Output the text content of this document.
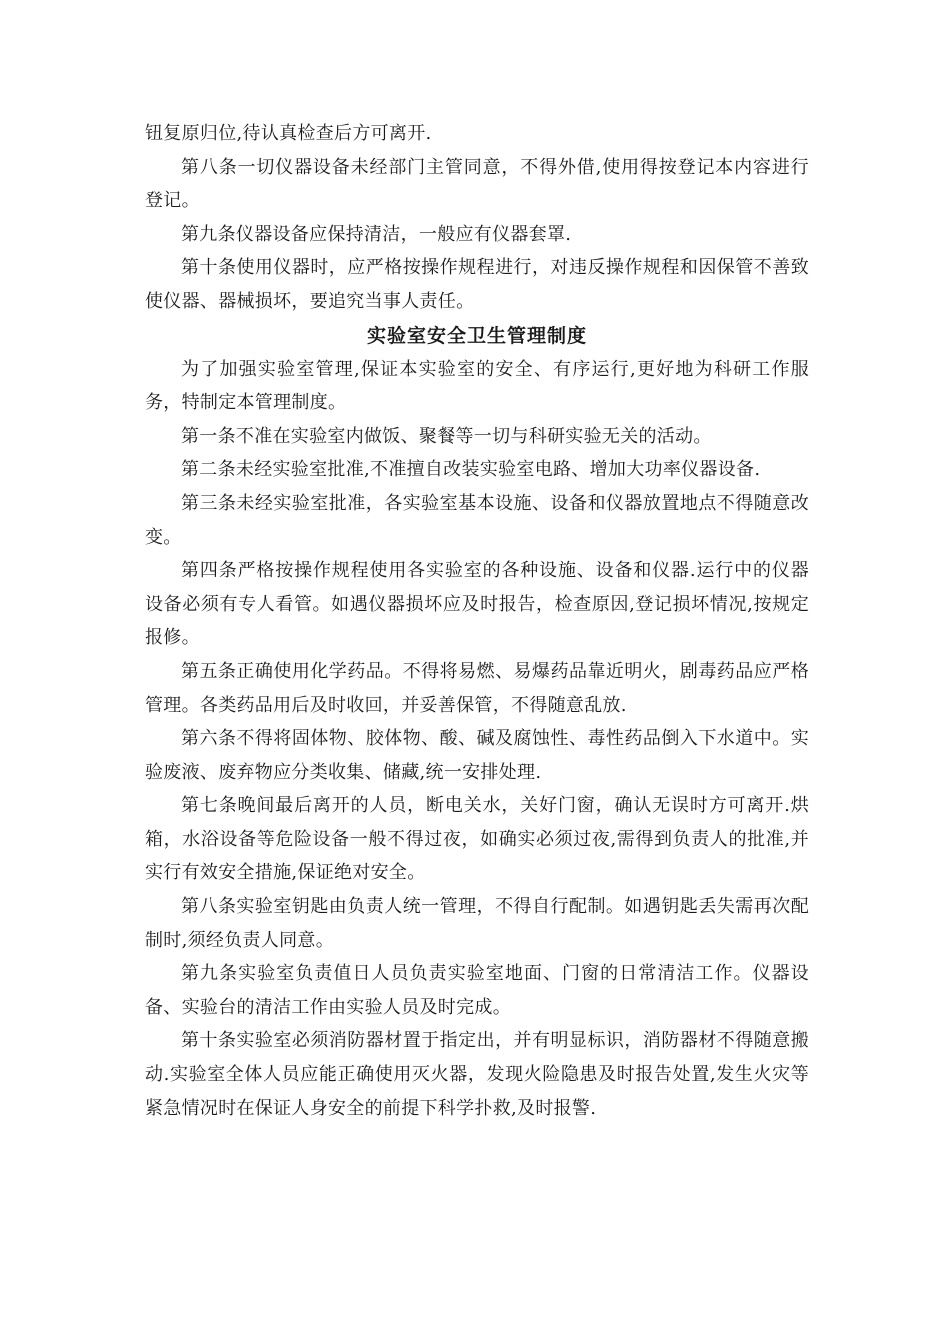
钮复原归位,待认真检查后方可离开.

第八条一切仪器设备未经部门主管同意，不得外借,使用得按登记本内容进行登记。

第九条仪器设备应保持清洁，一般应有仪器套罩.

第十条使用仪器时，应严格按操作规程进行，对违反操作规程和因保管不善致使仪器、器械损坏，要追究当事人责任。

实验室安全卫生管理制度

为了加强实验室管理,保证本实验室的安全、有序运行,更好地为科研工作服务，特制定本管理制度。

第一条不准在实验室内做饭、聚餐等一切与科研实验无关的活动。

第二条未经实验室批准,不准擅自改装实验室电路、增加大功率仪器设备.

第三条未经实验室批准，各实验室基本设施、设备和仪器放置地点不得随意改变。

第四条严格按操作规程使用各实验室的各种设施、设备和仪器.运行中的仪器设备必须有专人看管。如遇仪器损坏应及时报告，检查原因,登记损坏情况,按规定报修。

第五条正确使用化学药品。不得将易燃、易爆药品靠近明火，剧毒药品应严格管理。各类药品用后及时收回，并妥善保管，不得随意乱放.

第六条不得将固体物、胶体物、酸、碱及腐蚀性、毒性药品倒入下水道中。实验废液、废弃物应分类收集、储藏,统一安排处理.

第七条晚间最后离开的人员，断电关水，关好门窗，确认无误时方可离开.烘箱，水浴设备等危险设备一般不得过夜，如确实必须过夜,需得到负责人的批准,并实行有效安全措施,保证绝对安全。

第八条实验室钥匙由负责人统一管理，不得自行配制。如遇钥匙丢失需再次配制时,须经负责人同意。

第九条实验室负责值日人员负责实验室地面、门窗的日常清洁工作。仪器设备、实验台的清洁工作由实验人员及时完成。

第十条实验室必须消防器材置于指定出，并有明显标识，消防器材不得随意搬动.实验室全体人员应能正确使用灭火器，发现火险隐患及时报告处置,发生火灾等紧急情况时在保证人身安全的前提下科学扑救,及时报警.
